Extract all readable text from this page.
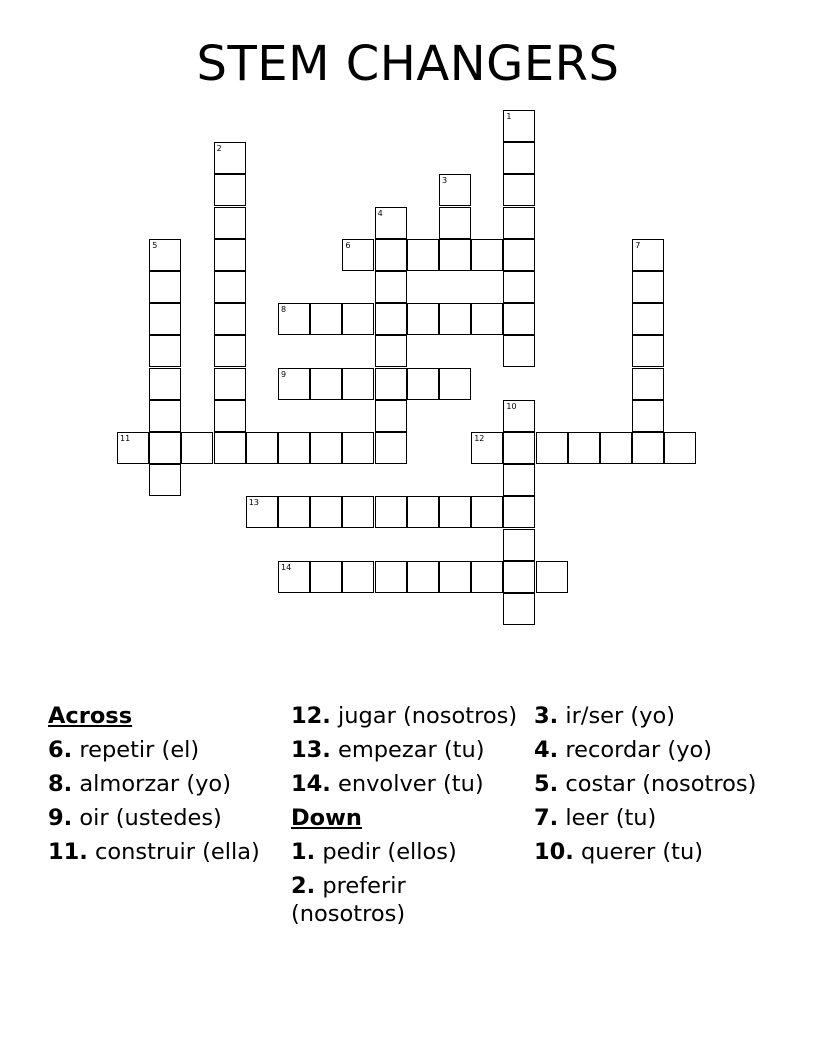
STEM CHANGERS
1
2
3
4
5	6	7
8
9
10
11	12
13
14
Across
6. repetir (el)
8. almorzar (yo)
9. oir (ustedes)
11. construir (ella)
12. jugar (nosotros)
13. empezar (tu)
14. envolver (tu)
Down
1. pedir (ellos)
2. preferir (nosotros)
3. ir/ser (yo)
4. recordar (yo)
5. costar (nosotros)
7. leer (tu)
10. querer (tu)
